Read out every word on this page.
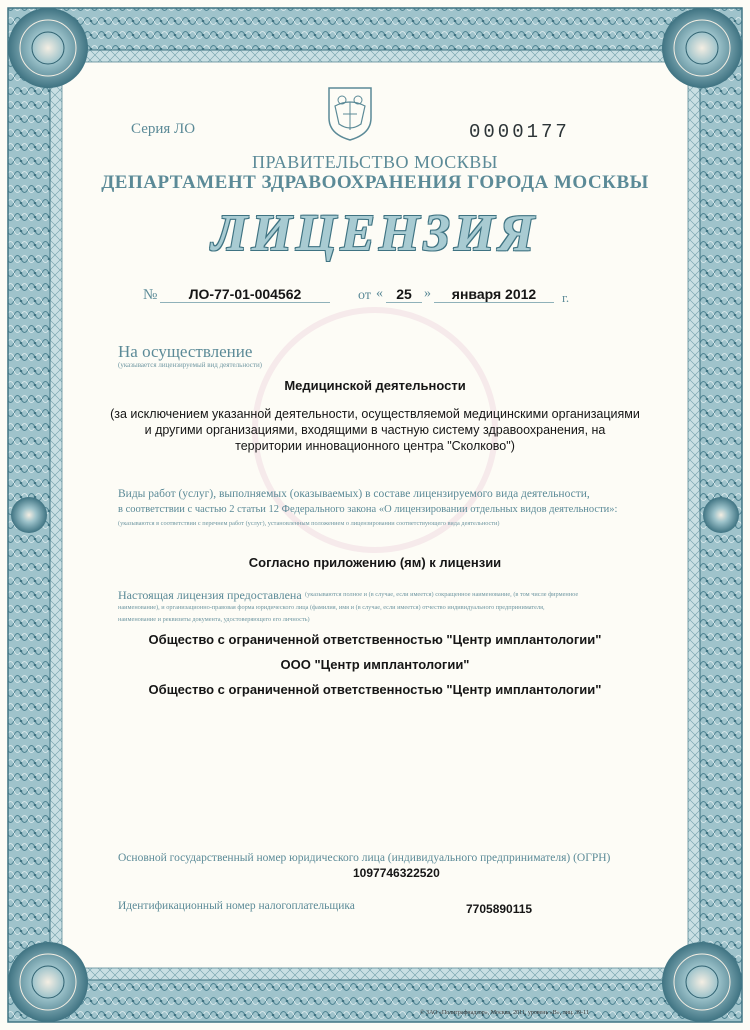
Серия ЛО	0000177
ПРАВИТЕЛЬСТВО МОСКВЫ
ДЕПАРТАМЕНТ ЗДРАВООХРАНЕНИЯ ГОРОДА МОСКВЫ
ЛИЦЕНЗИЯ
№	ЛО-77-01-004562	от « 25 »	января 2012	г.
На осуществление
(указывается лицензируемый вид деятельности)
Медицинской деятельности
(за исключением указанной деятельности, осуществляемой медицинскими организациями
и другими организациями, входящими в частную систему здравоохранения, на
территории инновационного центра "Сколково")
Виды работ (услуг), выполняемых (оказываемых) в составе лицензируемого вида деятельности,
в соответствии с частью 2 статьи 12 Федерального закона «О лицензировании отдельных видов деятельности»:
(указываются в соответствии с перечнем работ (услуг), установленным положением о лицензировании соответствующего вида деятельности)
Согласно приложению (ям) к лицензии
Настоящая лицензия предоставлена (указываются полное и (в случае, если имеется) сокращенное наименование, (в том числе фирменное
наименование), и организационно-правовая форма юридического лица (фамилия, имя и (в случае, если имеется) отчество индивидуального предпринимателя,
наименование и реквизиты документа, удостоверяющего его личность)
Общество с ограниченной ответственностью "Центр имплантологии"
ООО "Центр имплантологии"
Общество с ограниченной ответственностью "Центр имплантологии"
Основной государственный номер юридического лица (индивидуального предпринимателя) (ОГРН)
1097746322520
Идентификационный номер налогоплательщика	7705890115
© ЗАО «Полиграфнадзор», Москва, 2011, уровень «В», лиц. 39-11
